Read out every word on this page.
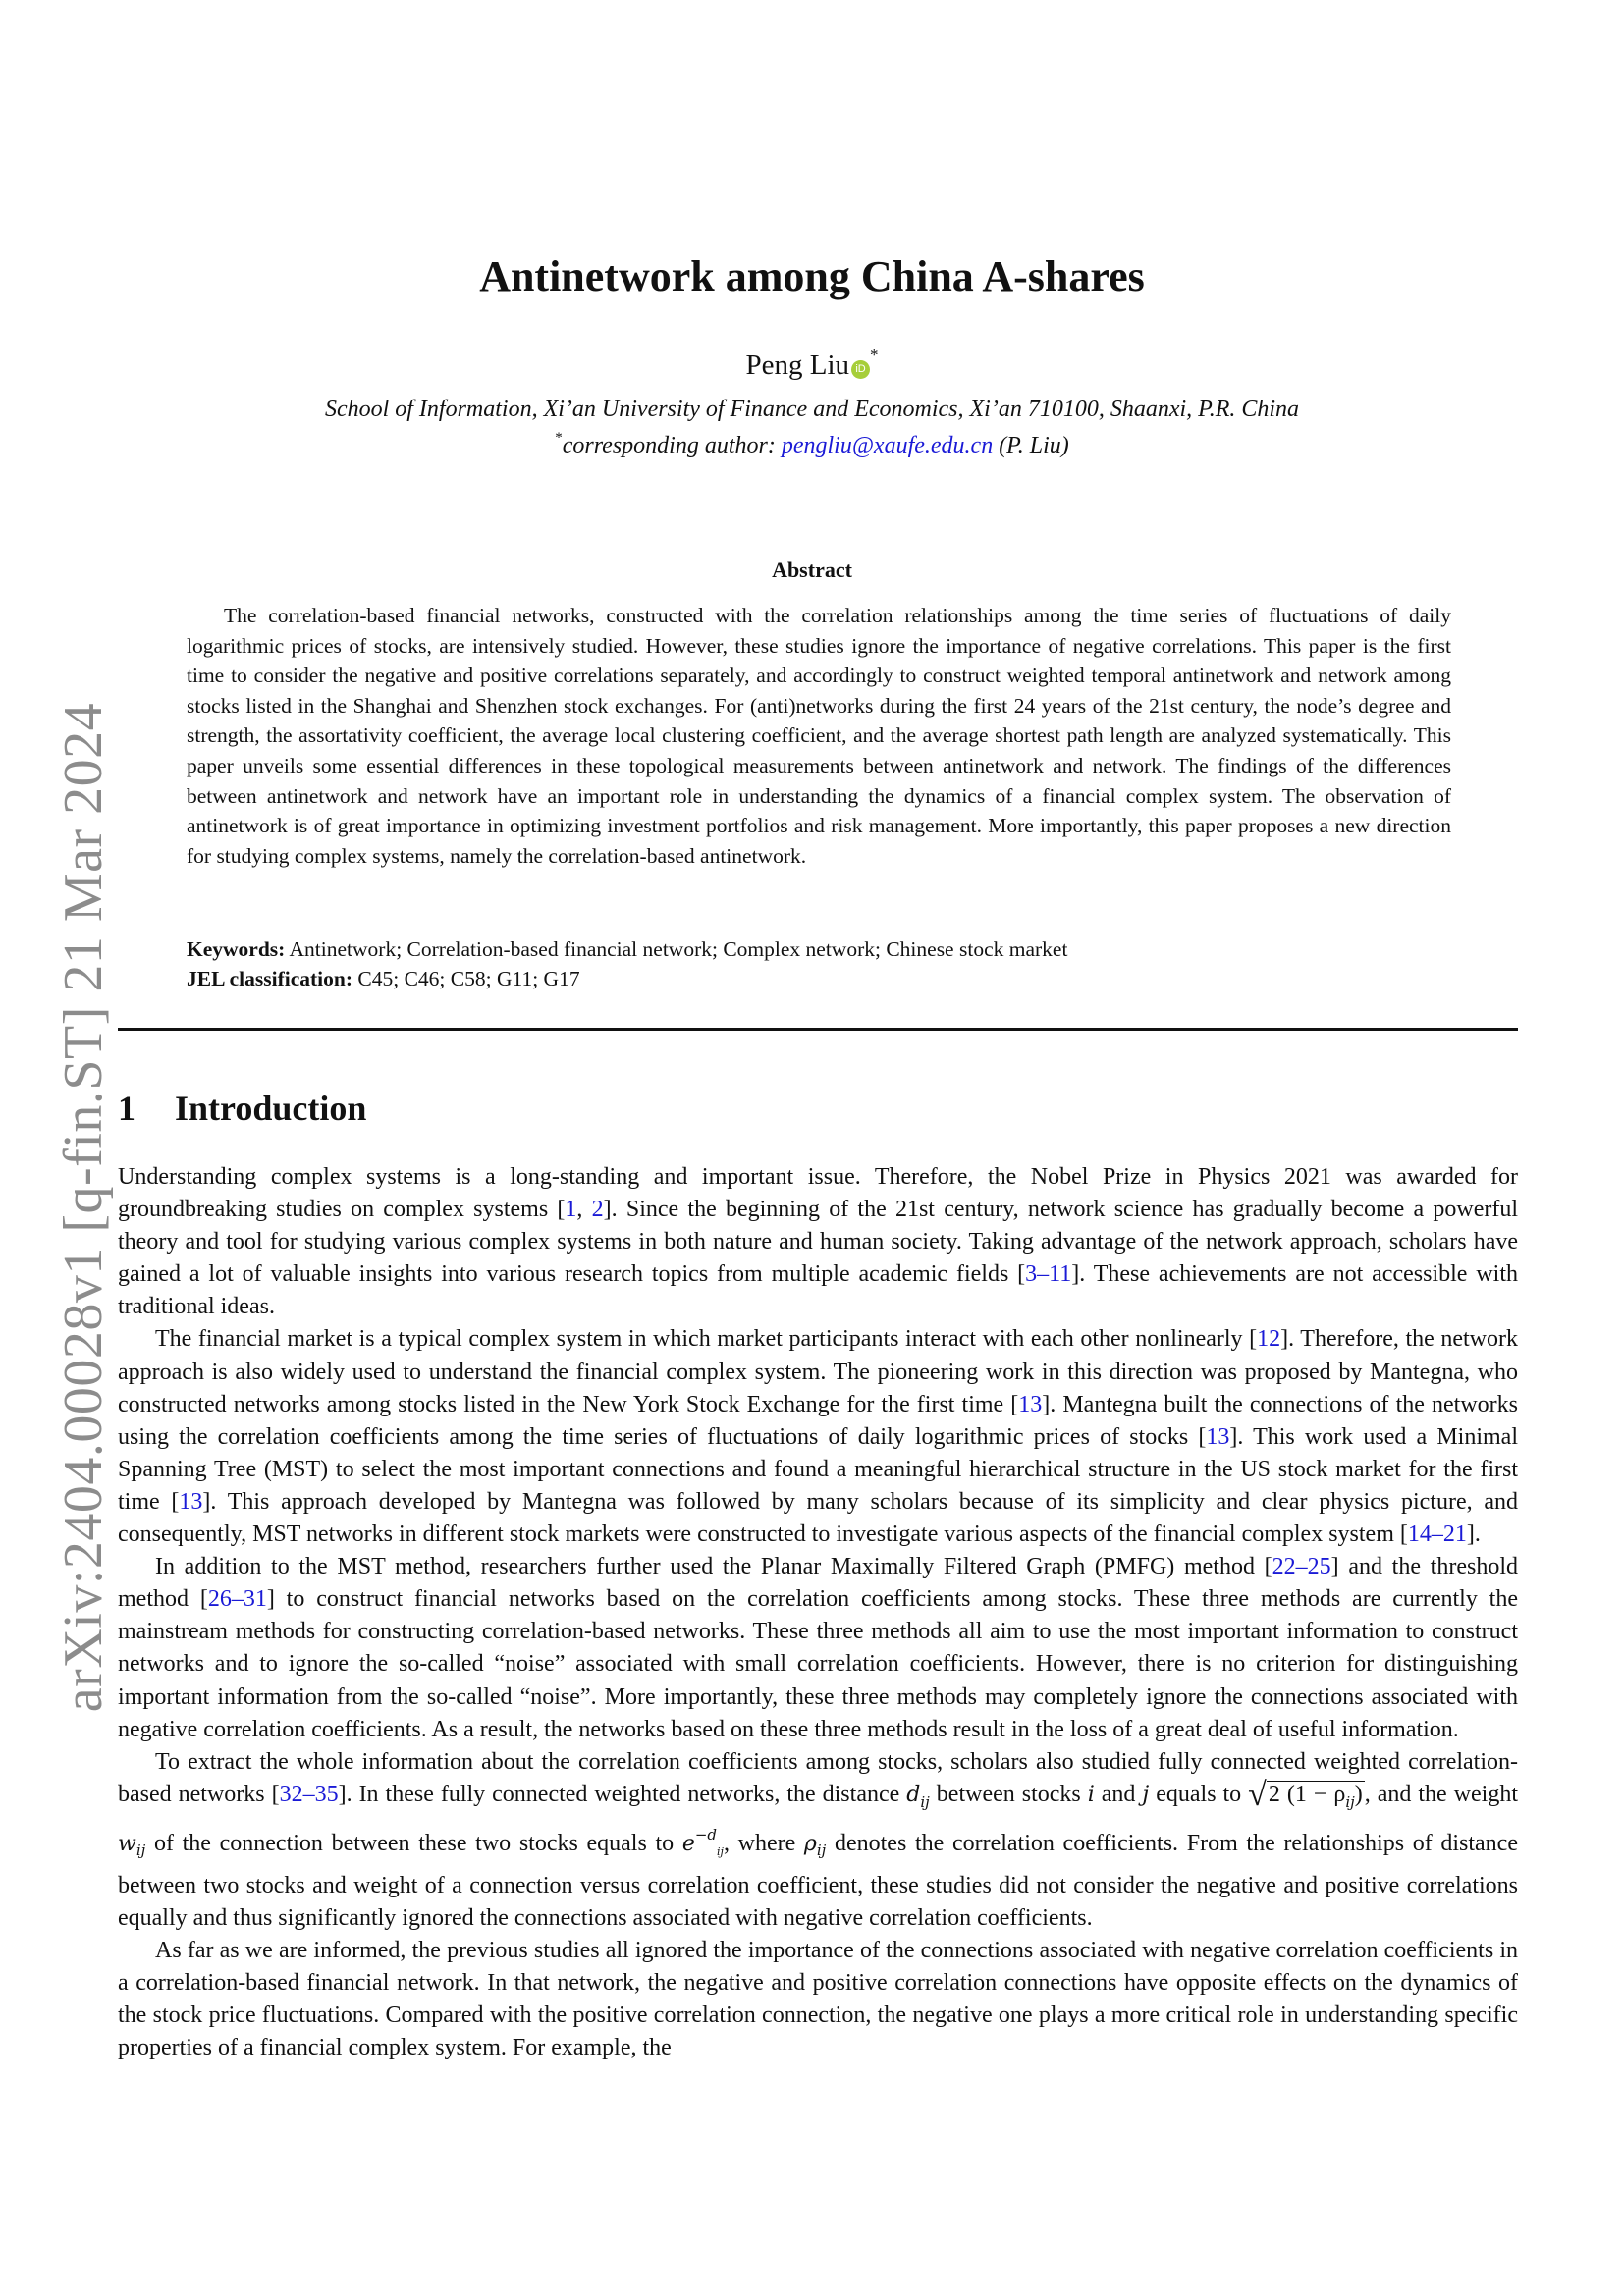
arXiv:2404.00028v1 [q-fin.ST] 21 Mar 2024
Antinetwork among China A-shares
Peng Liu iD*
School of Information, Xi’an University of Finance and Economics, Xi’an 710100, Shaanxi, P.R. China
*corresponding author: pengliu@xaufe.edu.cn (P. Liu)
Abstract

The correlation-based financial networks, constructed with the correlation relationships among the time series of fluctuations of daily logarithmic prices of stocks, are intensively studied. However, these studies ignore the importance of negative correlations. This paper is the first time to consider the negative and positive correlations separately, and accordingly to construct weighted temporal antinetwork and network among stocks listed in the Shanghai and Shenzhen stock exchanges. For (anti)networks during the first 24 years of the 21st century, the node’s degree and strength, the assortativity coefficient, the average local clustering coefficient, and the average shortest path length are analyzed systematically. This paper unveils some essential differences in these topological measurements between antinetwork and network. The findings of the differences between antinetwork and network have an important role in understanding the dynamics of a financial complex system. The observation of antinetwork is of great importance in optimizing investment portfolios and risk management. More importantly, this paper proposes a new direction for studying complex systems, namely the correlation-based antinetwork.

Keywords: Antinetwork; Correlation-based financial network; Complex network; Chinese stock market
JEL classification: C45; C46; C58; G11; G17
1 Introduction

Understanding complex systems is a long-standing and important issue. Therefore, the Nobel Prize in Physics 2021 was awarded for groundbreaking studies on complex systems [1, 2]. Since the beginning of the 21st century, network science has gradually become a powerful theory and tool for studying various complex systems in both nature and human society. Taking advantage of the network approach, scholars have gained a lot of valuable insights into various research topics from multiple academic fields [3–11]. These achievements are not accessible with traditional ideas.

The financial market is a typical complex system in which market participants interact with each other nonlinearly [12]. Therefore, the network approach is also widely used to understand the financial complex system. The pioneering work in this direction was proposed by Mantegna, who constructed networks among stocks listed in the New York Stock Exchange for the first time [13]. Mantegna built the connections of the networks using the correlation coefficients among the time series of fluctuations of daily logarithmic prices of stocks [13]. This work used a Minimal Spanning Tree (MST) to select the most important connections and found a meaningful hierarchical structure in the US stock market for the first time [13]. This approach developed by Mantegna was followed by many scholars because of its simplicity and clear physics picture, and consequently, MST networks in different stock markets were constructed to investigate various aspects of the financial complex system [14–21].

In addition to the MST method, researchers further used the Planar Maximally Filtered Graph (PMFG) method [22–25] and the threshold method [26–31] to construct financial networks based on the correlation coefficients among stocks. These three methods are currently the mainstream methods for constructing correlation-based networks. These three methods all aim to use the most important information to construct networks and to ignore the so-called “noise” associated with small correlation coefficients. However, there is no criterion for distinguishing important information from the so-called “noise”. More importantly, these three methods may completely ignore the connections associated with negative correlation coefficients. As a result, the networks based on these three methods result in the loss of a great deal of useful information.

To extract the whole information about the correlation coefficients among stocks, scholars also studied fully connected weighted correlation-based networks [32–35]. In these fully connected weighted networks, the distance $d_{ij}$ between stocks i and j equals to √2 $(1 - \rho_{ij})$, and the weight $w_{ij}$ of the connection between these two stocks equals to $e^{-d}_{ij}$, where $\rho_{ij}$ denotes the correlation coefficients. From the relationships of distance between two stocks and weight of a connection versus correlation coefficient, these studies did not consider the negative and positive correlations equally and thus significantly ignored the connections associated with negative correlation coefficients.

As far as we are informed, the previous studies all ignored the importance of the connections associated with negative correlation coefficients in a correlation-based financial network. In that network, the negative and positive correlation connections have opposite effects on the dynamics of the stock price fluctuations. Compared with the positive correlation connection, the negative one plays a more critical role in understanding specific properties of a financial complex system. For example, the
